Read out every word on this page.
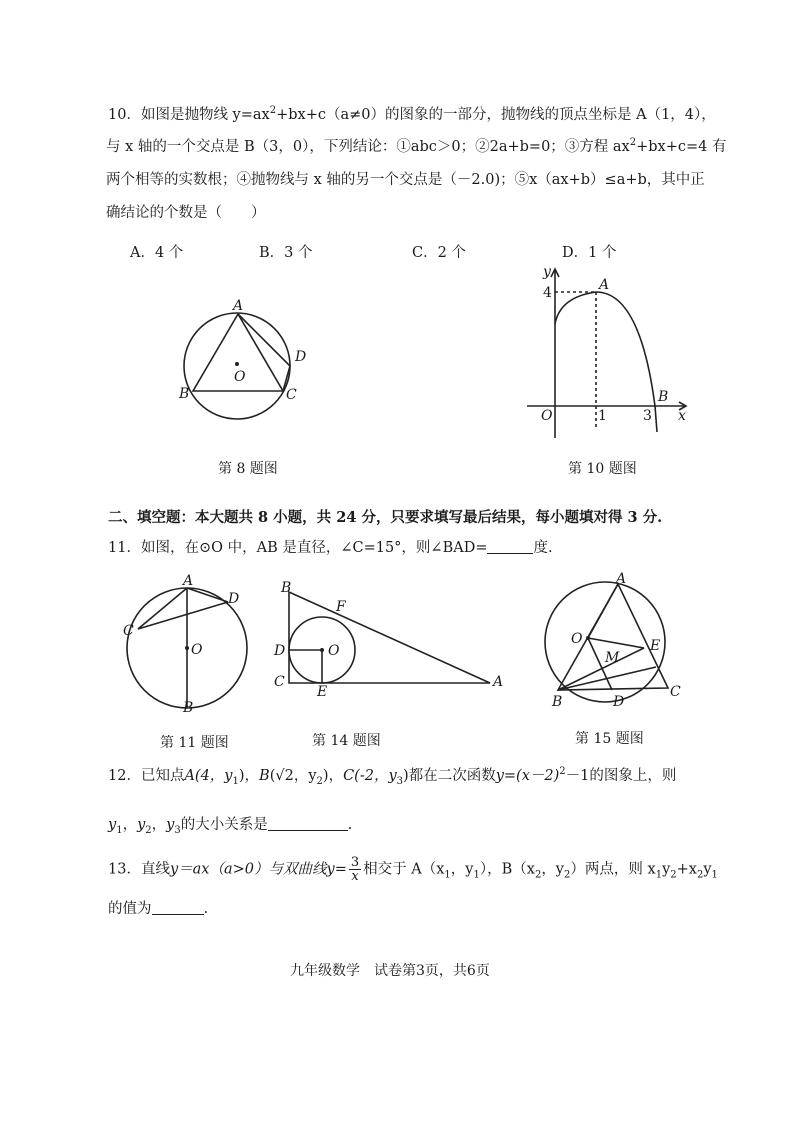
10．如图是抛物线 $y=ax^2+bx+c(a\ne 0)$的图象的一部分，抛物线的顶点坐标是 A（1，4），
与 x 轴的一个交点是 B（3，0），下列结论：①abc＞0；②2a+b=0；③方程 $ax^2+bx+c=4$ 有
两个相等的实数根；④抛物线与 x 轴的另一个交点是（－2.0)；⑤x（ax+b）≤a+b，其中正
确结论的个数是（　　）
A．4 个	B．3 个	C．2 个	D．1 个
A
B	C
D
O
第 8 题图
y
4	A
O	1	3
B
x
第 10 题图
二、填空题：本大题共 8 小题，共 24 分，只要求填写最后结果，每小题填对得 3 分.
11．如图，在⊙O 中，AB 是直径，∠C=15°，则∠BAD=	度.
A
D
C
O
B
第 11 题图
B
F
D	O
C
E
A
第 14 题图
A
O	E
M
B	D
C
第 15 题图
12．已知点A(4，$y_1$)，B(√2，$y_2$)，C(-2，$y_3$)都在二次函数$y=(x-2)^2-1$的图象上，则
$y_1$，$y_2$，$y_3$的大小关系是	.
13．直线y＝ax（a>0）与双曲线$y= \frac{3}{x}$ 相交于 $A(x_1$，$y_1$），$B(x_2$，$y_2$）两点，则 $x_1y_2+x_2y_1$
的值为	.
九年级数学　试卷第3页，共6页
